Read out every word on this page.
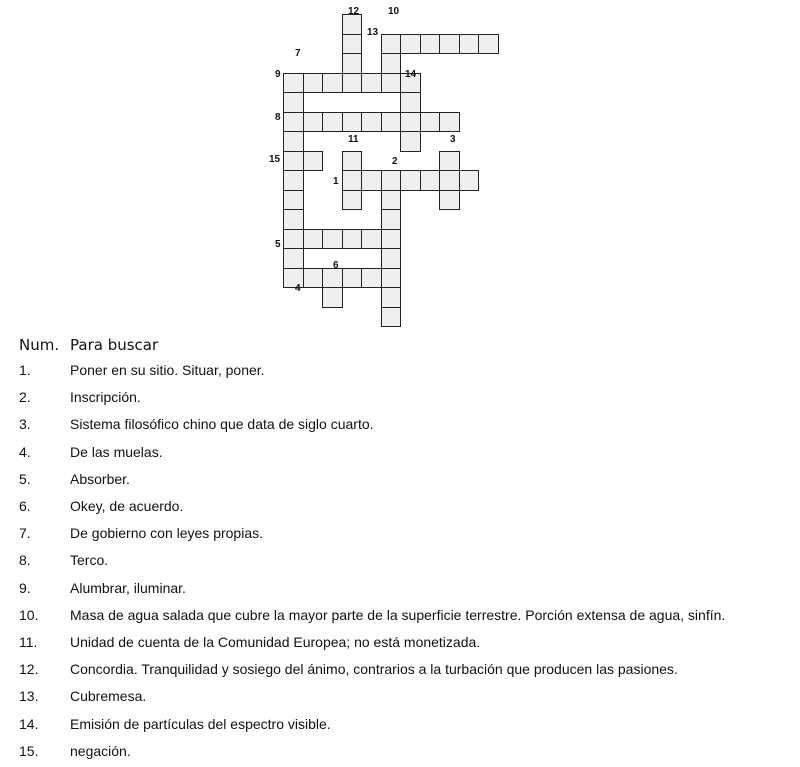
1
2
3
4
5
6
7
8
9
10
11
12
13
14
15
Num. Para buscar
1.	Poner en su sitio. Situar, poner.
2.	Inscripción.
3.	Sistema filosófico chino que data de siglo cuarto.
4.	De las muelas.
5.	Absorber.
6.	Okey, de acuerdo.
7.	De gobierno con leyes propias.
8.	Terco.
9.	Alumbrar, iluminar.
10. Masa de agua salada que cubre la mayor parte de la superficie terrestre. Porción extensa de agua, sinfín.
11. Unidad de cuenta de la Comunidad Europea; no está monetizada.
12. Concordia. Tranquilidad y sosiego del ánimo, contrarios a la turbación que producen las pasiones.
13. Cubremesa.
14. Emisión de partículas del espectro visible.
15. negación.
